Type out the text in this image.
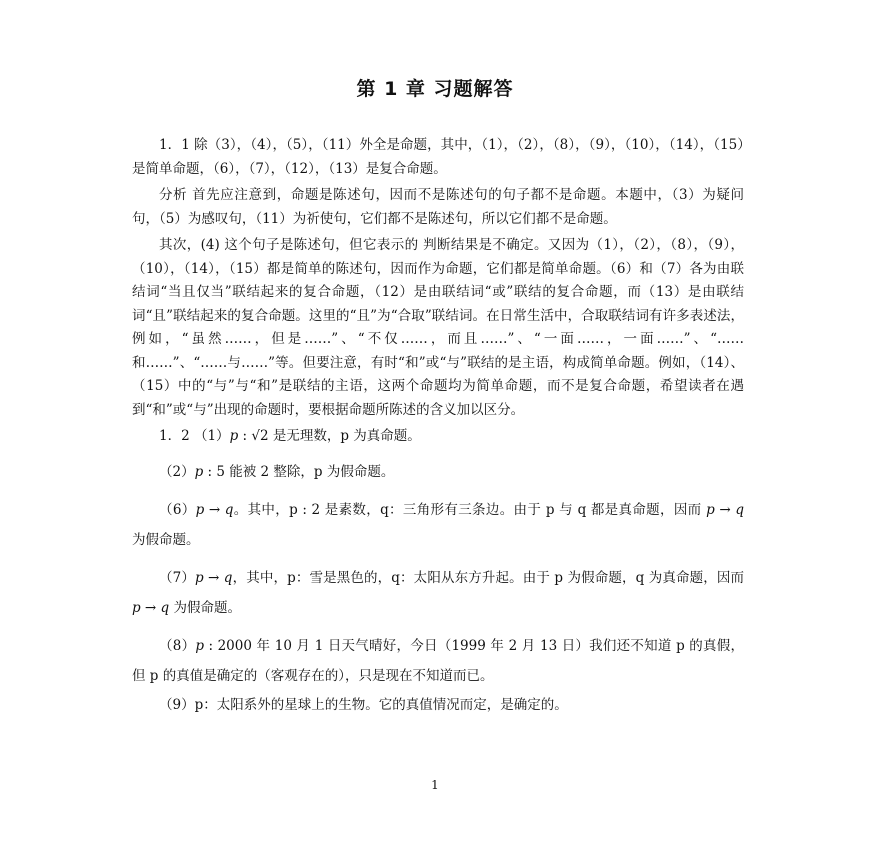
第 1 章 习题解答

1．1 除（3），（4），（5），（11）外全是命题，其中，（1），（2），（8），（9），（10），（14），（15）是简单命题，（6），（7），（12），（13）是复合命题。

分析 首先应注意到，命题是陈述句，因而不是陈述句的句子都不是命题。本题中，（3）为疑问句，（5）为感叹句，（11）为祈使句，它们都不是陈述句，所以它们都不是命题。

其次，(4) 这个句子是陈述句，但它表示的 判断结果是不确定。又因为（1），（2），（8），（9），（10），（14），（15）都是简单的陈述句，因而作为命题，它们都是简单命题。（6）和（7）各为由联结词“当且仅当”联结起来的复合命题，（12）是由联结词“或”联结的复合命题，而（13）是由联结词“且”联结起来的复合命题。这里的“且”为“合取”联结词。在日常生活中，合取联结词有许多表述法，例如，“虽然……，但是……”、“不仅……，而且……”、“一面……，一面……”、“……和……”、“……与……”等。但要注意，有时“和”或“与”联结的是主语，构成简单命题。例如，（14）、（15）中的“与”与“和”是联结的主语，这两个命题均为简单命题，而不是复合命题，希望读者在遇到“和”或“与”出现的命题时，要根据命题所陈述的含义加以区分。

1．2 （1）p : √2 是无理数，p 为真命题。

（2）p : 5 能被 2 整除，p 为假命题。

（6）p → q。其中，p : 2 是素数，q：三角形有三条边。由于 p 与 q 都是真命题，因而 p → q 为假命题。

（7）p → q，其中，p：雪是黑色的，q：太阳从东方升起。由于 p 为假命题，q 为真命题，因而 p → q 为假命题。

（8）p : 2000 年 10 月 1 日天气晴好，今日（1999 年 2 月 13 日）我们还不知道 p 的真假，但 p 的真值是确定的（客观存在的），只是现在不知道而已。

（9）p：太阳系外的星球上的生物。它的真值情况而定，是确定的。

1
